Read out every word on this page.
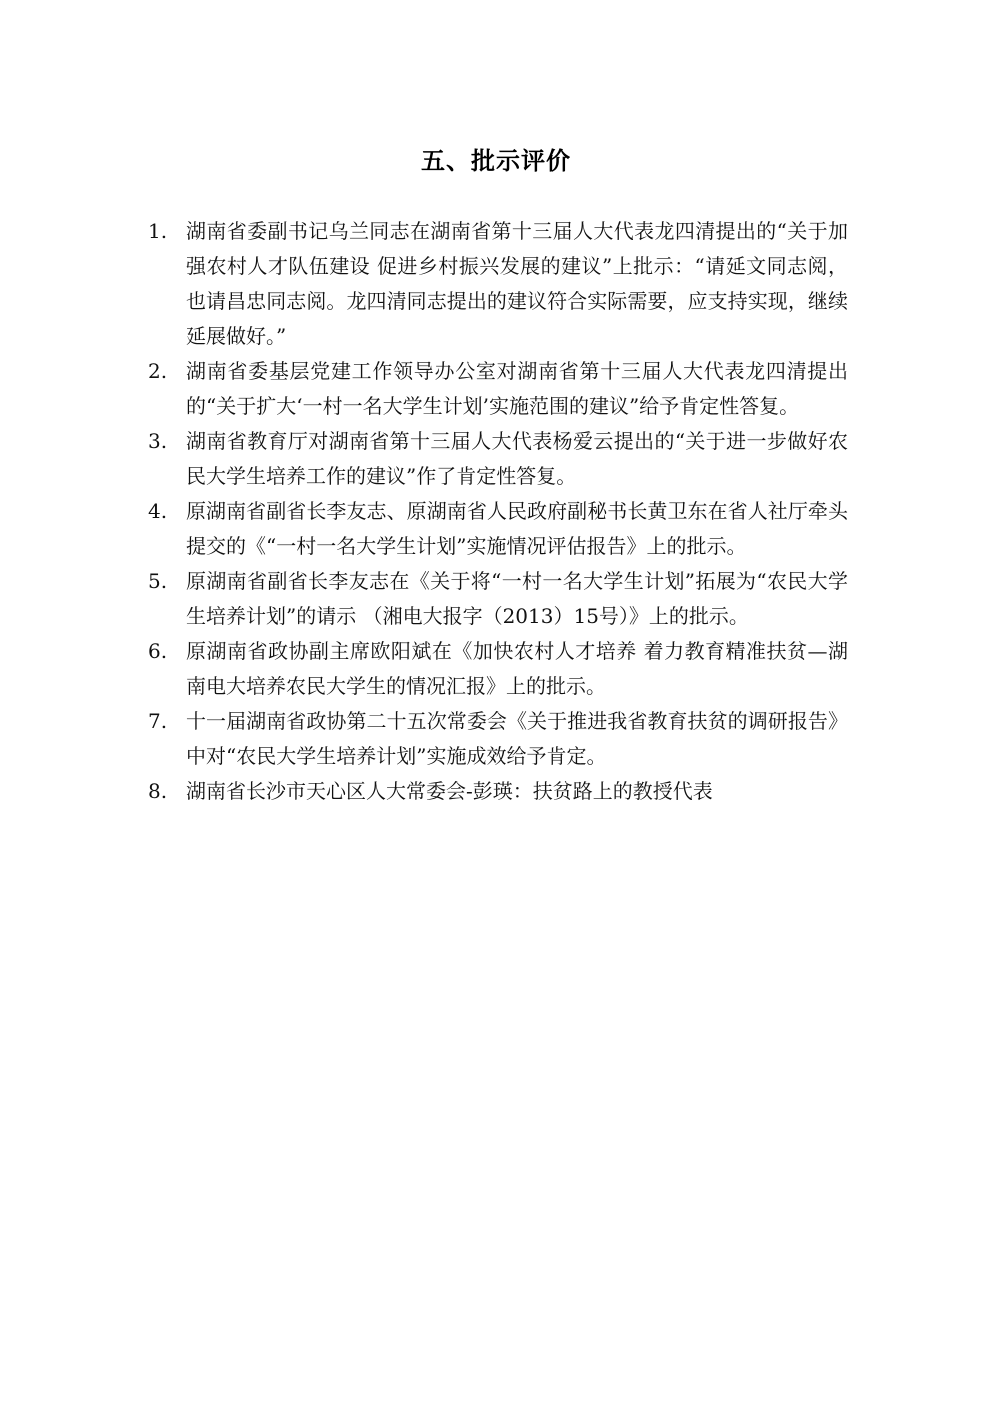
五、批示评价
1. 湖南省委副书记乌兰同志在湖南省第十三届人大代表龙四清提出的“关于加强农村人才队伍建设 促进乡村振兴发展的建议”上批示：“请延文同志阅，也请昌忠同志阅。龙四清同志提出的建议符合实际需要，应支持实现，继续延展做好。”
2. 湖南省委基层党建工作领导办公室对湖南省第十三届人大代表龙四清提出的“关于扩大‘一村一名大学生计划’实施范围的建议”给予肯定性答复。
3. 湖南省教育厅对湖南省第十三届人大代表杨爱云提出的“关于进一步做好农民大学生培养工作的建议”作了肯定性答复。
4. 原湖南省副省长李友志、原湖南省人民政府副秘书长黄卫东在省人社厅牵头提交的《“一村一名大学生计划”实施情况评估报告》上的批示。
5. 原湖南省副省长李友志在《关于将“一村一名大学生计划”拓展为“农民大学生培养计划”的请示 （湘电大报字（2013）15号）》上的批示。
6. 原湖南省政协副主席欧阳斌在《加快农村人才培养 着力教育精准扶贫—湖南电大培养农民大学生的情况汇报》上的批示。
7. 十一届湖南省政协第二十五次常委会《关于推进我省教育扶贫的调研报告》中对“农民大学生培养计划”实施成效给予肯定。
8. 湖南省长沙市天心区人大常委会-彭瑛：扶贫路上的教授代表
